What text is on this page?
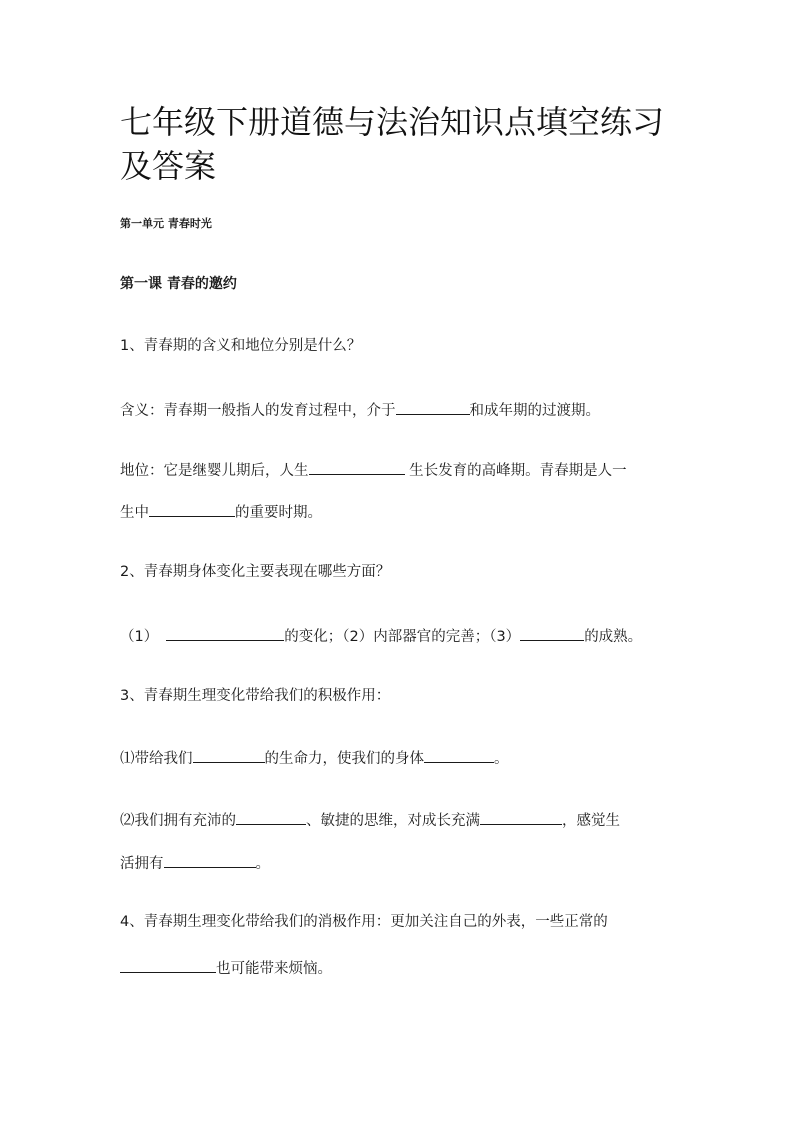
七年级下册道德与法治知识点填空练习及答案
第一单元 青春时光
第一课 青春的邀约
1、青春期的含义和地位分别是什么？
含义：青春期一般指人的发育过程中，介于	和成年期的过渡期。
地位：它是继婴儿期后，人生	生长发育的高峰期。青春期是人一
生中	的重要时期。
2、青春期身体变化主要表现在哪些方面？
（1）	的变化；（2）内部器官的完善；（3）	的成熟。
3、青春期生理变化带给我们的积极作用：
⑴带给我们	的生命力，使我们的身体	。
⑵我们拥有充沛的	、敏捷的思维，对成长充满	，感觉生
活拥有	。
4、青春期生理变化带给我们的消极作用：更加关注自己的外表，一些正常的
也可能带来烦恼。
